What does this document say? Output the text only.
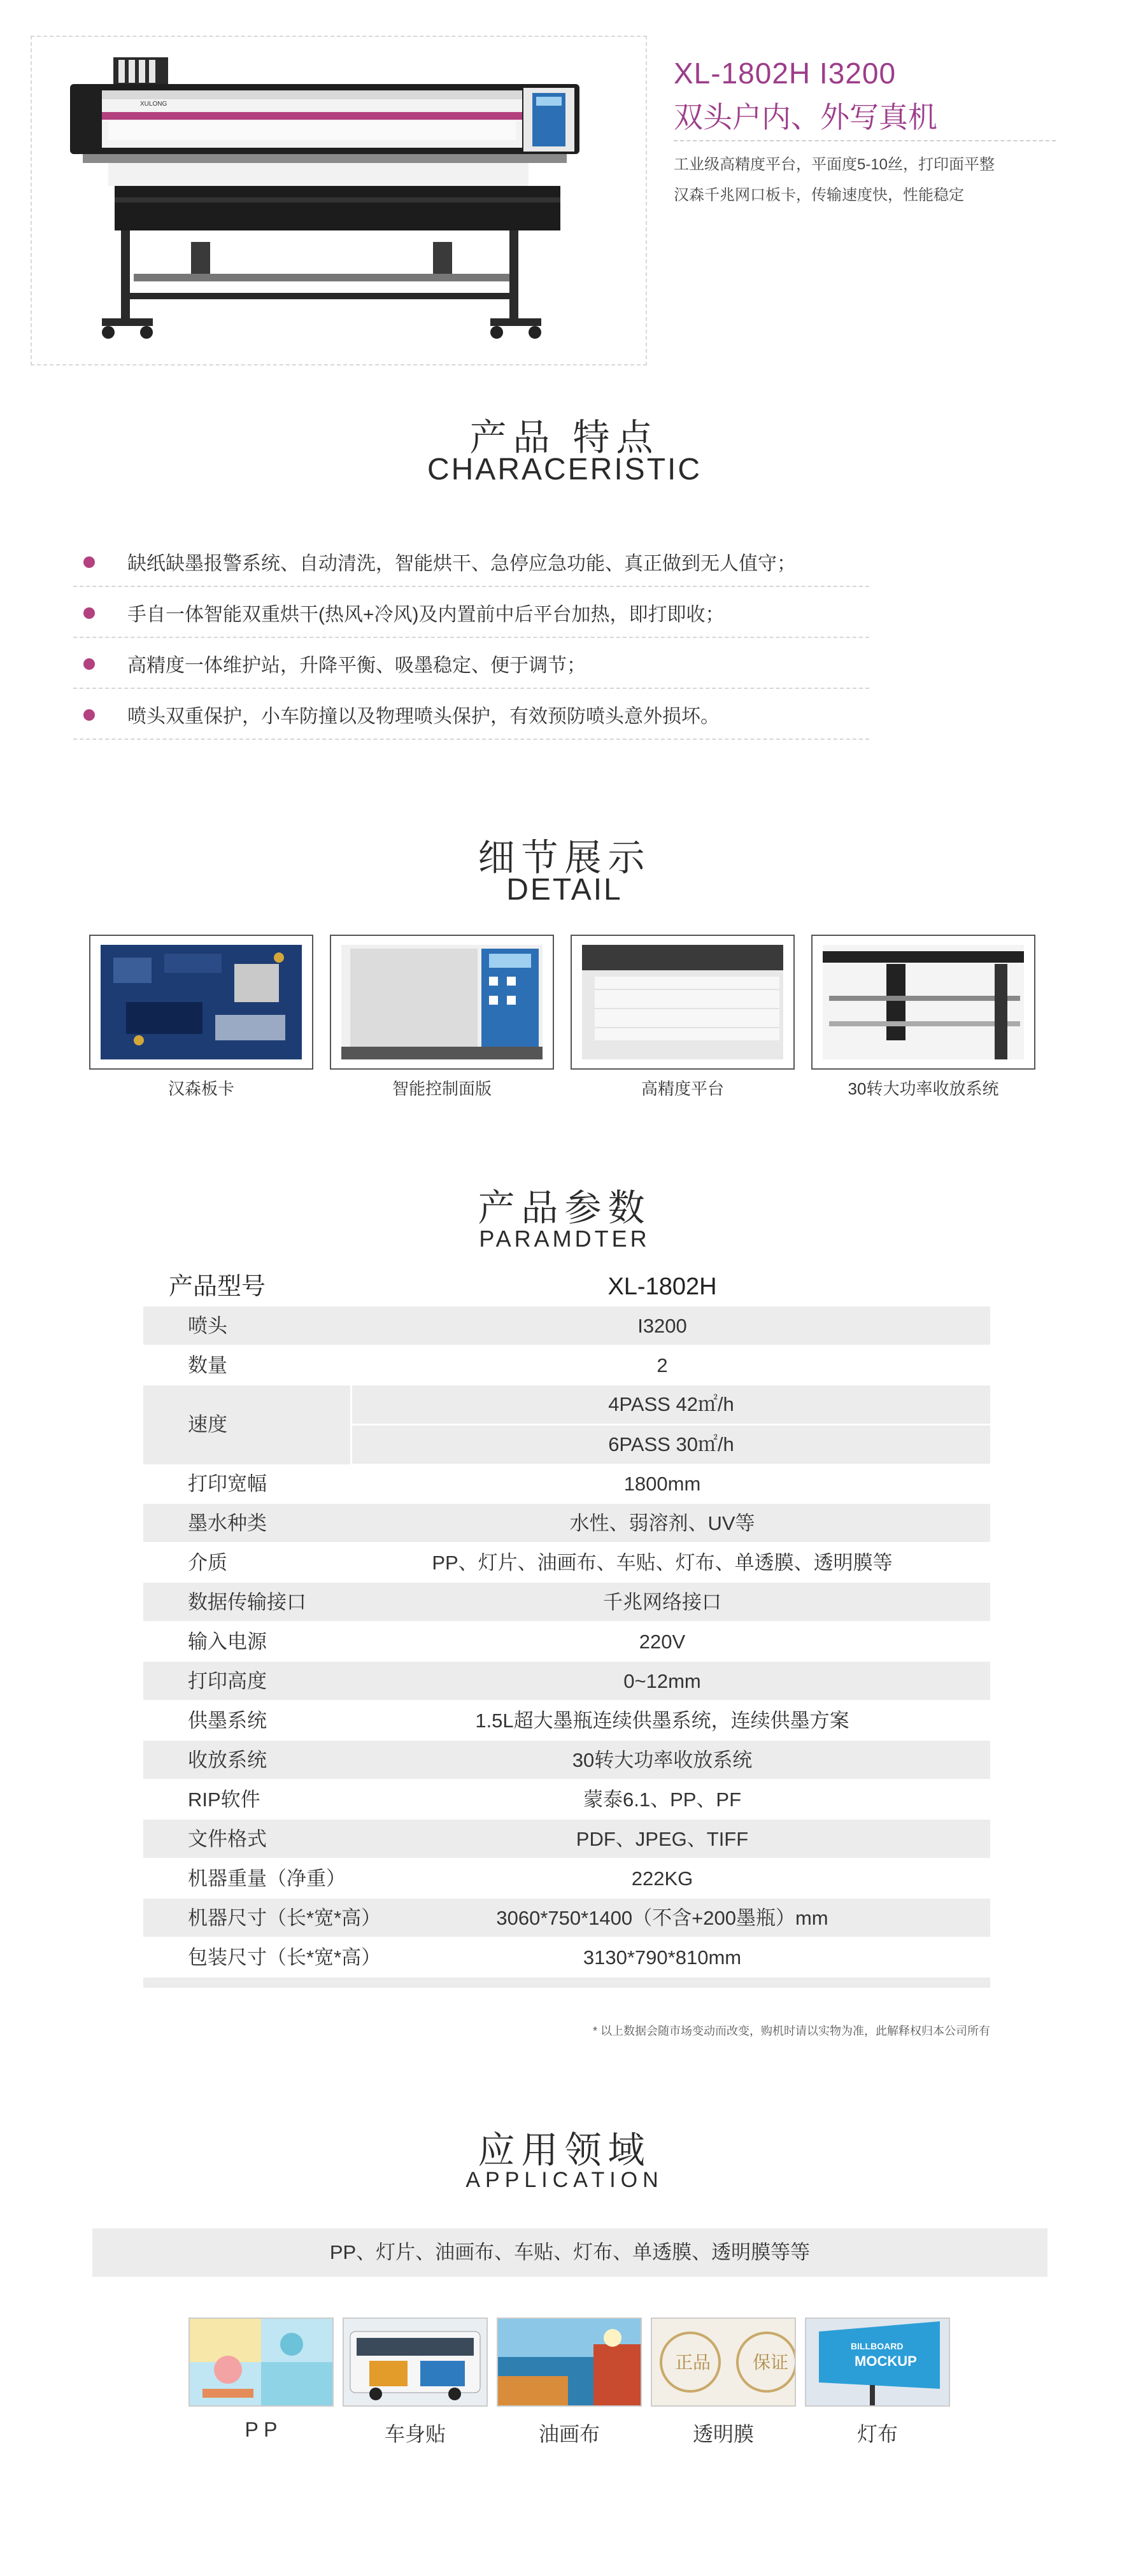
XULONG
XL-1802H I3200
双头户内、外写真机
工业级高精度平台，平面度5-10丝，打印面平整
汉森千兆网口板卡，传输速度快，性能稳定
产品 特点
CHARACERISTIC
缺纸缺墨报警系统、自动清洗，智能烘干、急停应急功能、真正做到无人值守；
手自一体智能双重烘干(热风+冷风)及内置前中后平台加热，即打即收；
高精度一体维护站，升降平衡、吸墨稳定、便于调节；
喷头双重保护，小车防撞以及物理喷头保护，有效预防喷头意外损坏。
细节展示
DETAIL
汉森板卡	智能控制面版	高精度平台	30转大功率收放系统
产品参数
PARAMDTER
产品型号	XL-1802H
喷头	I3200
数量	2
速度
4PASS 42㎡/h
6PASS 30㎡/h
打印宽幅	1800mm
墨水种类	水性、弱溶剂、UV等
介质	PP、灯片、油画布、车贴、灯布、单透膜、透明膜等
数据传输接口	千兆网络接口
输入电源	220V
打印高度	0~12mm
供墨系统	1.5L超大墨瓶连续供墨系统，连续供墨方案
收放系统	30转大功率收放系统
RIP软件	蒙泰6.1、PP、PF
文件格式	PDF、JPEG、TIFF
机器重量（净重）	222KG
机器尺寸（长*宽*高）	3060*750*1400（不含+200墨瓶）mm
包装尺寸（长*宽*高）	3130*790*810mm
* 以上数据会随市场变动而改变，购机时请以实物为准，此解释权归本公司所有
应用领域
APPLICATION
PP、灯片、油画布、车贴、灯布、单透膜、透明膜等等
正品 保证
BILLBOARD
MOCKUP
P P	车身贴	油画布	透明膜	灯布
